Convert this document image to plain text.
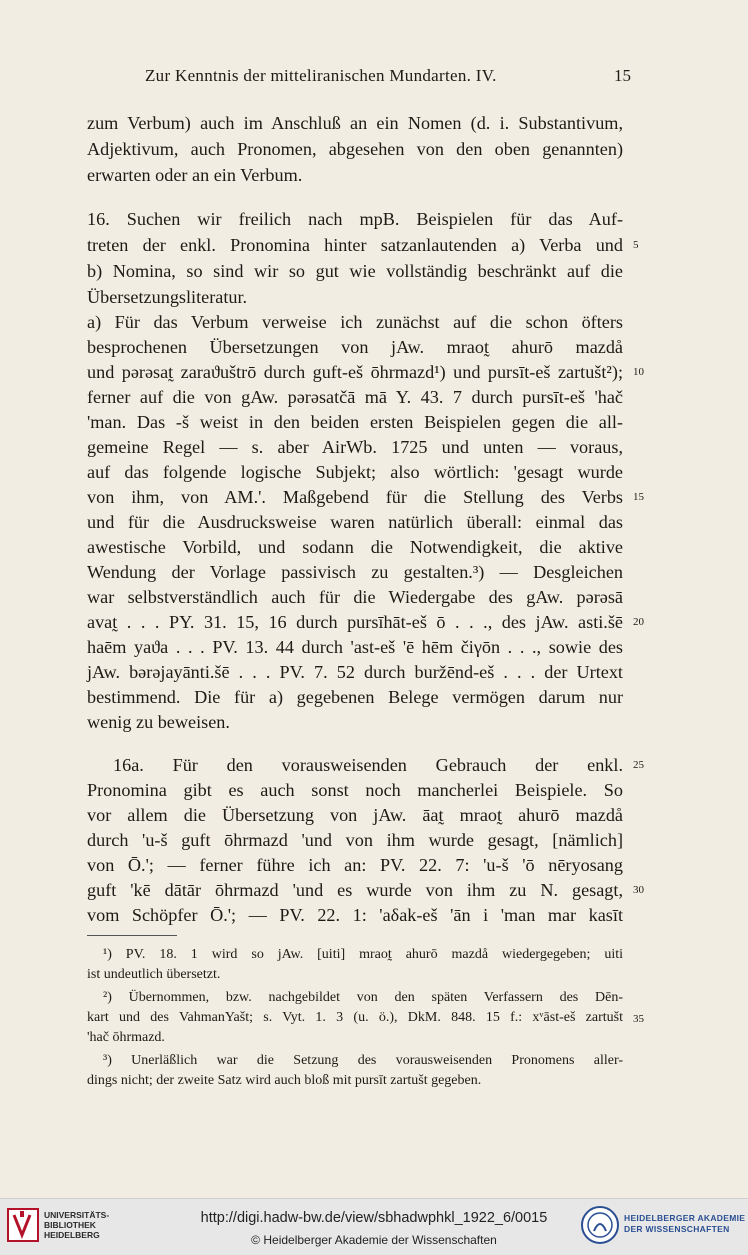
Zur Kenntnis der mitteliranischen Mundarten. IV.	15
zum Verbum) auch im Anschluß an ein Nomen (d. i. Substantivum,
Adjektivum, auch Pronomen, abgesehen von den oben genannten)
erwarten oder an ein Verbum.
16. Suchen wir freilich nach mpB. Beispielen für das Auf-
treten der enkl. Pronomina hinter satzanlautenden a) Verba und
b) Nomina, so sind wir so gut wie vollständig beschränkt auf die
Übersetzungsliteratur.
a) Für das Verbum verweise ich zunächst auf die schon öfters
besprochenen Übersetzungen von jAw. mraot̰ ahurō mazdå
und pərəsat̰ zaraϑuštrō durch guft-eš ōhrmazd¹) und pursīt-eš zartušt²);
ferner auf die von gAw. pərəsatčā mā Y. 43. 7 durch pursīt-eš 'hač
'man. Das -š weist in den beiden ersten Beispielen gegen die all-
gemeine Regel — s. aber AirWb. 1725 und unten — voraus,
auf das folgende logische Subjekt; also wörtlich: 'gesagt wurde
von ihm, von AM.'. Maßgebend für die Stellung des Verbs
und für die Ausdrucksweise waren natürlich überall: einmal das
awestische Vorbild, und sodann die Notwendigkeit, die aktive
Wendung der Vorlage passivisch zu gestalten.³) — Desgleichen
war selbstverständlich auch für die Wiedergabe des gAw. pərəsā
avat̰ . . . PY. 31. 15, 16 durch pursīhāt-eš ō . . ., des jAw. asti.šē
haēm yaϑa . . . PV. 13. 44 durch 'ast-eš 'ē hēm čiγōn . . ., sowie des
jAw. bərəjayānti.šē . . . PV. 7. 52 durch buržēnd-eš . . . der Urtext
bestimmend. Die für a) gegebenen Belege vermögen darum nur
wenig zu beweisen.
16a. Für den vorausweisenden Gebrauch der enkl.
Pronomina gibt es auch sonst noch mancherlei Beispiele. So
vor allem die Übersetzung von jAw. āat̰ mraot̰ ahurō mazdå
durch 'u-š guft ōhrmazd 'und von ihm wurde gesagt, [nämlich]
von Ō.'; — ferner führe ich an: PV. 22. 7: 'u-š 'ō nēryosang
guft 'kē dātār ōhrmazd 'und es wurde von ihm zu N. gesagt,
vom Schöpfer Ō.'; — PV. 22. 1: 'aδak-eš 'ān i 'man mar kasīt
5
10
15
20
25
30
¹) PV. 18. 1 wird so jAw. [uiti] mraot̰ ahurō mazdå wiedergegeben; uiti
ist undeutlich übersetzt.
²) Übernommen, bzw. nachgebildet von den späten Verfassern des Dēn-
kart und des VahmanYašt; s. Vyt. 1. 3 (u. ö.), DkM. 848. 15 f.: xᵛāst-eš zartušt
'hač ōhrmazd.
³) Unerläßlich war die Setzung des vorausweisenden Pronomens aller-
dings nicht; der zweite Satz wird auch bloß mit pursīt zartušt gegeben.
35
UNIVERSITÄTS-
BIBLIOTHEK
HEIDELBERG
http://digi.hadw-bw.de/view/sbhadwphkl_1922_6/0015
© Heidelberger Akademie der Wissenschaften
HEIDELBERGER AKADEMIE
DER WISSENSCHAFTEN
